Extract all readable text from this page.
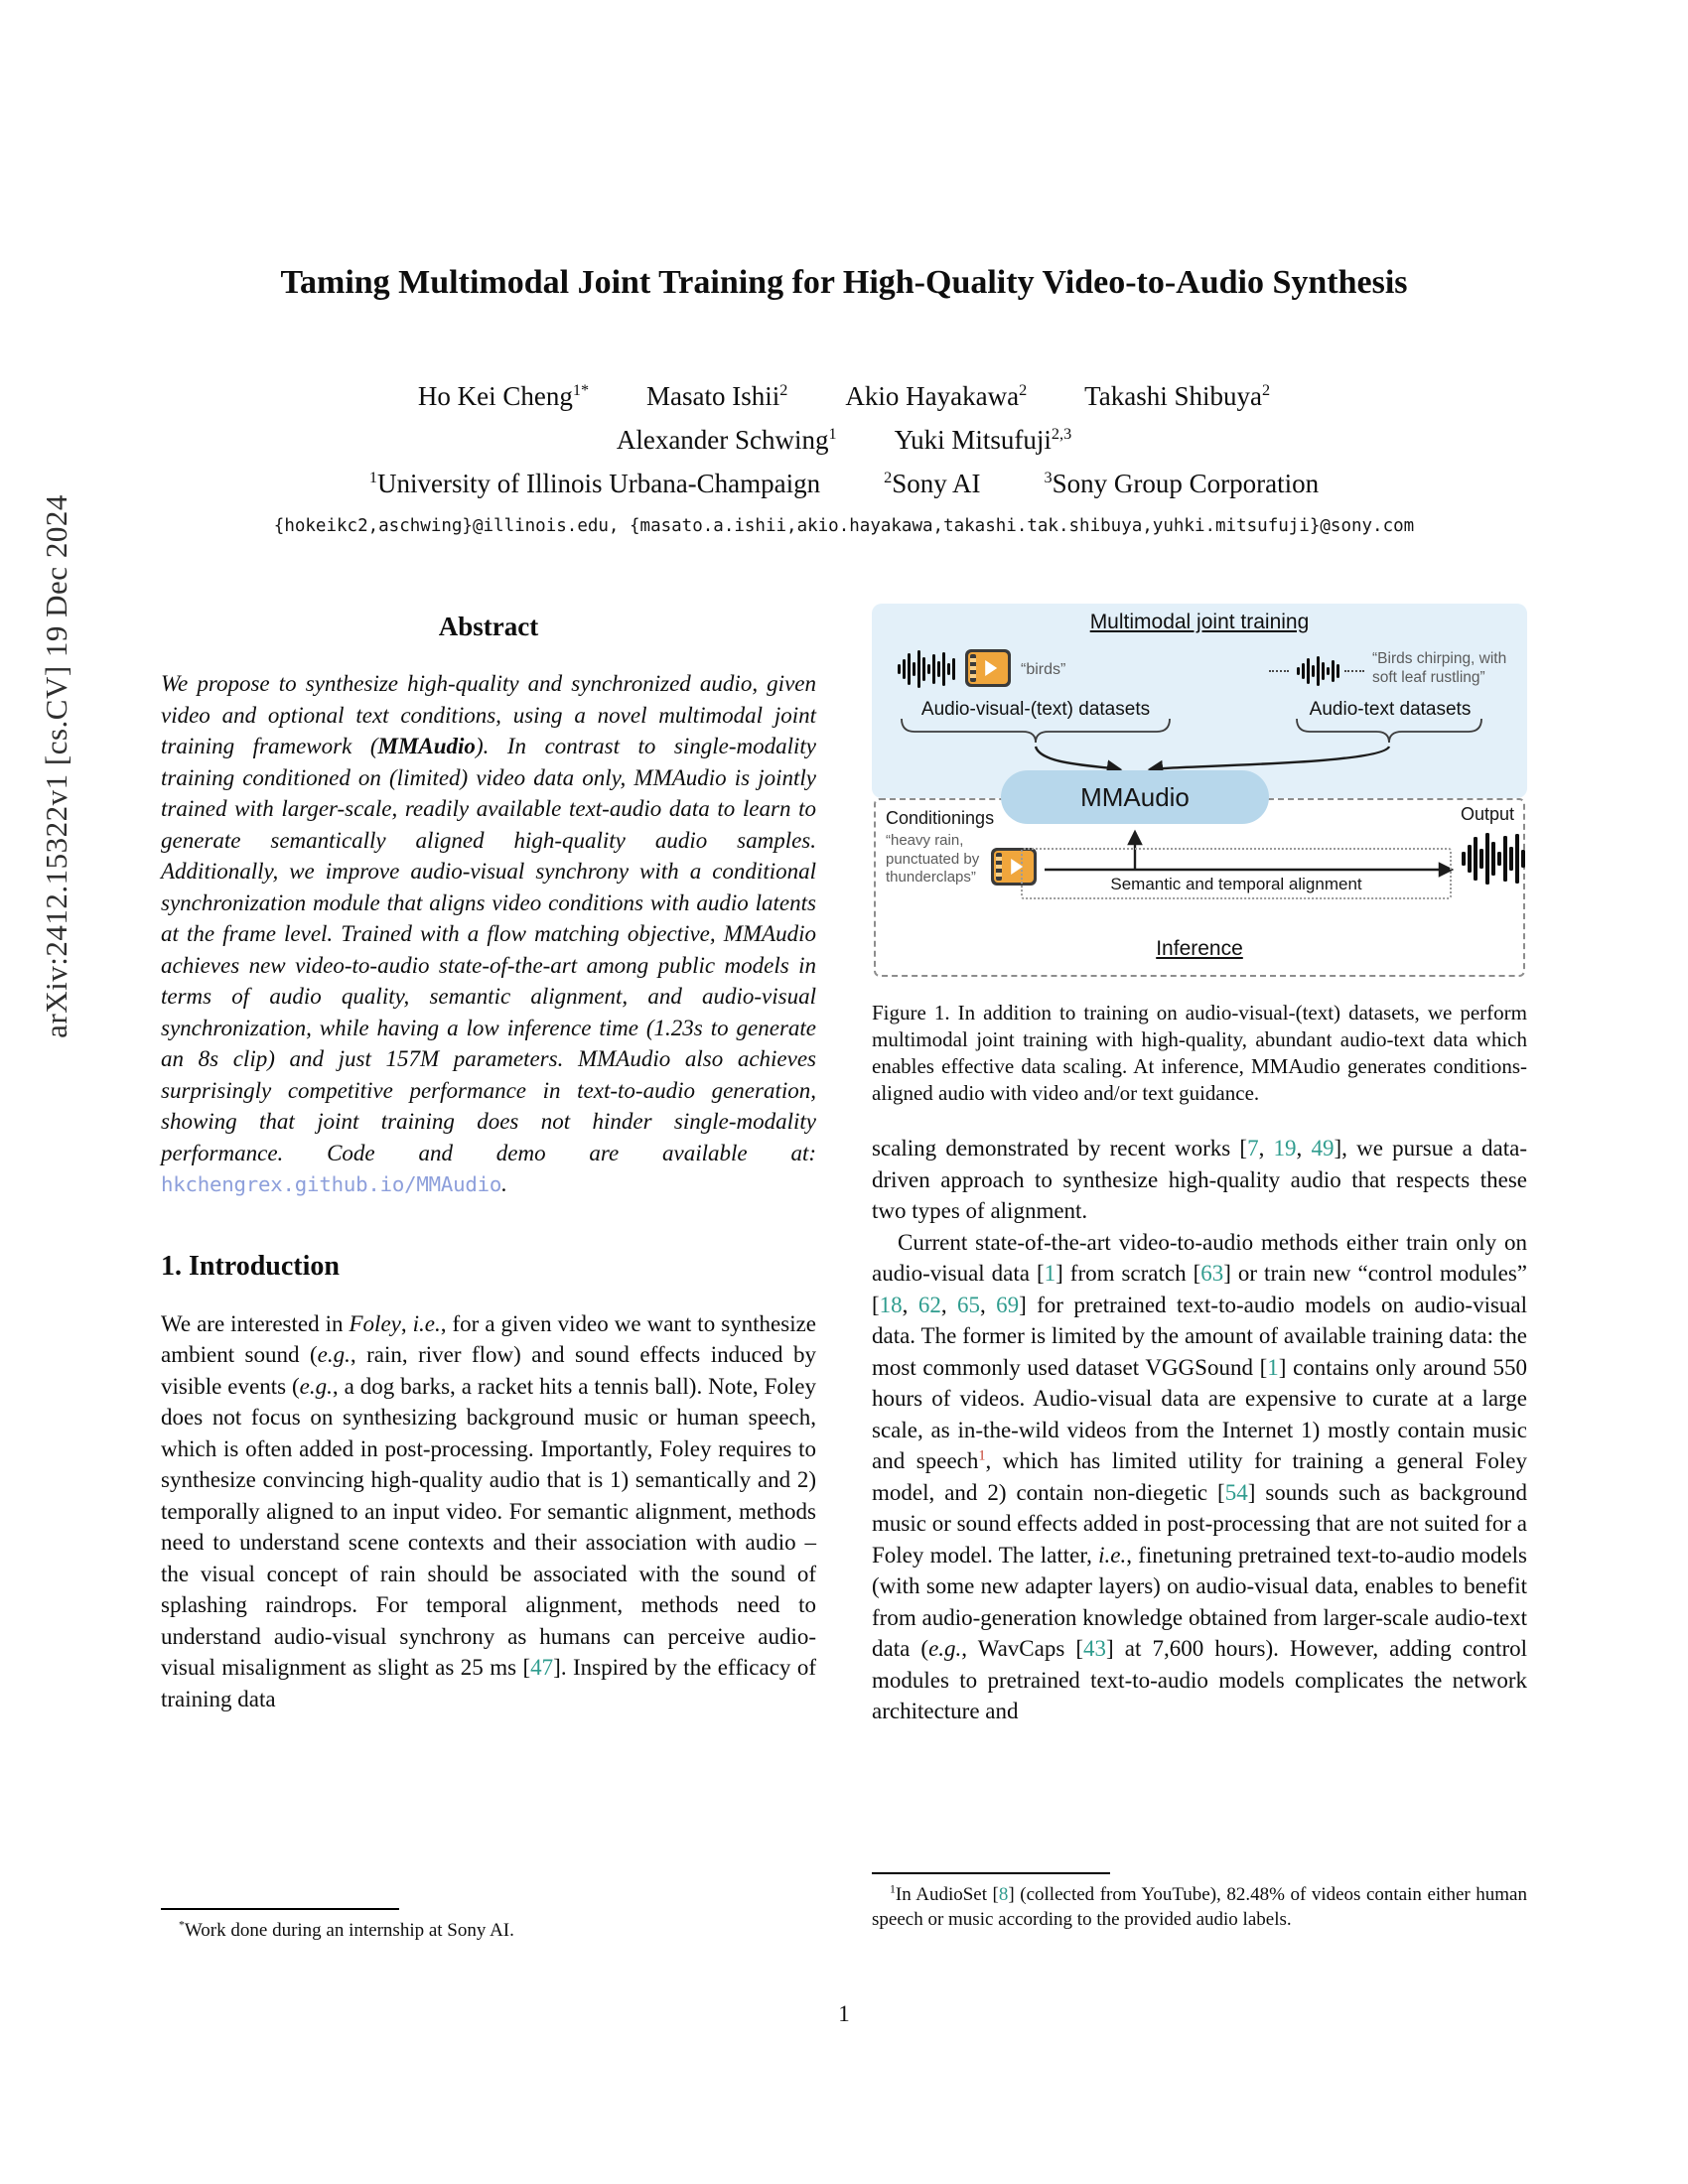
arXiv:2412.15322v1 [cs.CV] 19 Dec 2024
Taming Multimodal Joint Training for High-Quality Video-to-Audio Synthesis
Ho Kei Cheng$^{1*}$ Masato Ishii$^2$ Akio Hayakawa$^2$ Takashi Shibuya$^2$
Alexander Schwing$^1$ Yuki Mitsufuji$^{2,3}$
$^1$University of Illinois Urbana-Champaign	$^2$Sony AI	$^3$Sony Group Corporation
{hokeikc2,aschwing}@illinois.edu, {masato.a.ishii,akio.hayakawa,takashi.tak.shibuya,yuhki.mitsufuji}@sony.com
Abstract

We propose to synthesize high-quality and synchronized audio, given video and optional text conditions, using a novel multimodal joint training framework (MMAudio). In contrast to single-modality training conditioned on (limited) video data only, MMAudio is jointly trained with larger-scale, readily available text-audio data to learn to generate semantically aligned high-quality audio samples. Additionally, we improve audio-visual synchrony with a conditional synchronization module that aligns video conditions with audio latents at the frame level. Trained with a flow matching objective, MMAudio achieves new video-to-audio state-of-the-art among public models in terms of audio quality, semantic alignment, and audio-visual synchronization, while having a low inference time (1.23s to generate an 8s clip) and just 157M parameters. MMAudio also achieves surprisingly competitive performance in text-to-audio generation, showing that joint training does not hinder single-modality performance. Code and demo are available at: hkchengrex.github.io/MMAudio.

1. Introduction

We are interested in Foley, i.e., for a given video we want to synthesize ambient sound (e.g., rain, river flow) and sound effects induced by visible events (e.g., a dog barks, a racket hits a tennis ball). Note, Foley does not focus on synthesizing background music or human speech, which is often added in post-processing. Importantly, Foley requires to synthesize convincing high-quality audio that is 1) semantically and 2) temporally aligned to an input video. For semantic alignment, methods need to understand scene contexts and their association with audio – the visual concept of rain should be associated with the sound of splashing raindrops. For temporal alignment, methods need to understand audio-visual synchrony as humans can perceive audio-visual misalignment as slight as 25 ms [47]. Inspired by the efficacy of training data

Multimodal joint training
“birds”
“Birds chirping, with soft leaf rustling”
Audio-visual-(text) datasets	Audio-text datasets
MMAudio
Conditionings
“heavy rain, punctuated by thunderclaps”	Semantic and temporal alignment
Output
Inference
Figure 1. In addition to training on audio-visual-(text) datasets, we perform multimodal joint training with high-quality, abundant audio-text data which enables effective data scaling. At inference, MMAudio generates conditions-aligned audio with video and/or text guidance.

scaling demonstrated by recent works [7, 19, 49], we pursue a data-driven approach to synthesize high-quality audio that respects these two types of alignment.

Current state-of-the-art video-to-audio methods either train only on audio-visual data [1] from scratch [63] or train new “control modules” [18, 62, 65, 69] for pretrained text-to-audio models on audio-visual data. The former is limited by the amount of available training data: the most commonly used dataset VGGSound [1] contains only around 550 hours of videos. Audio-visual data are expensive to curate at a large scale, as in-the-wild videos from the Internet 1) mostly contain music and speech$^1$, which has limited utility for training a general Foley model, and 2) contain non-diegetic [54] sounds such as background music or sound effects added in post-processing that are not suited for a Foley model. The latter, i.e., finetuning pretrained text-to-audio models (with some new adapter layers) on audio-visual data, enables to benefit from audio-generation knowledge obtained from larger-scale audio-text data (e.g., WavCaps [43] at 7,600 hours). However, adding control modules to pretrained text-to-audio models complicates the network architecture and

*Work done during an internship at Sony AI.

$^1$In AudioSet [8] (collected from YouTube), 82.48% of videos contain either human speech or music according to the provided audio labels.

1
